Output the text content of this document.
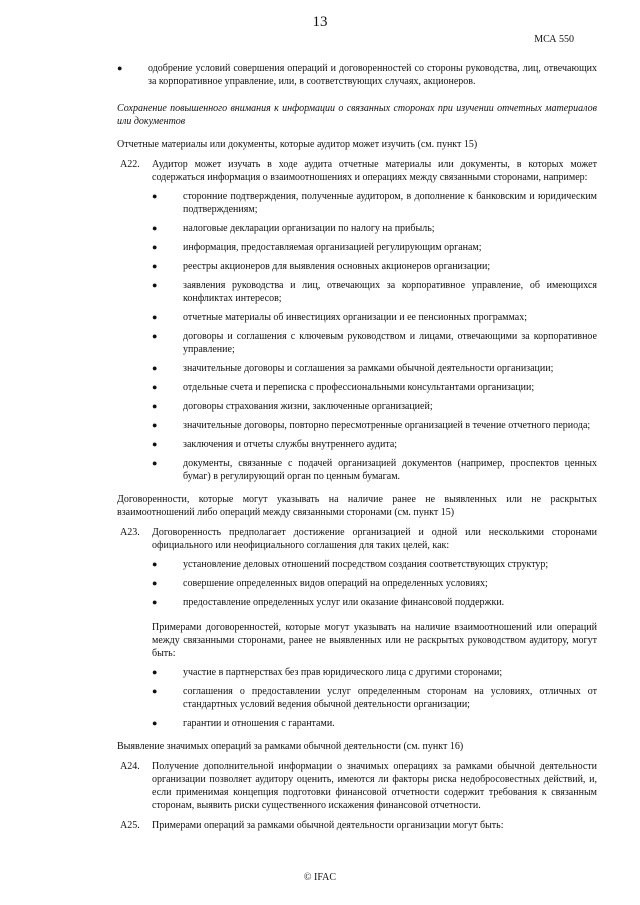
13
МСА 550
●	одобрение условий совершения операций и договоренностей со стороны руководства, лиц, отвечающих за корпоративное управление, или, в соответствующих случаях, акционеров.

Сохранение повышенного внимания к информации о связанных сторонах при изучении отчетных материалов или документов

Отчетные материалы или документы, которые аудитор может изучить (см. пункт 15)

А22.	Аудитор может изучать в ходе аудита отчетные материалы или документы, в которых может содержаться информация о взаимоотношениях и операциях между связанными сторонами, например:

●	сторонние подтверждения, полученные аудитором, в дополнение к банковским и юридическим подтверждениям;
●	налоговые декларации организации по налогу на прибыль;
●	информация, предоставляемая организацией регулирующим органам;
●	реестры акционеров для выявления основных акционеров организации;
●	заявления руководства и лиц, отвечающих за корпоративное управление, об имеющихся конфликтах интересов;
●	отчетные материалы об инвестициях организации и ее пенсионных программах;
●	договоры и соглашения с ключевым руководством и лицами, отвечающими за корпоративное управление;
●	значительные договоры и соглашения за рамками обычной деятельности организации;
●	отдельные счета и переписка с профессиональными консультантами организации;
●	договоры страхования жизни, заключенные организацией;
●	значительные договоры, повторно пересмотренные организацией в течение отчетного периода;
●	заключения и отчеты службы внутреннего аудита;
●	документы, связанные с подачей организацией документов (например, проспектов ценных бумаг) в регулирующий орган по ценным бумагам.

Договоренности, которые могут указывать на наличие ранее не выявленных или не раскрытых взаимоотношений либо операций между связанными сторонами (см. пункт 15)

А23.	Договоренность предполагает достижение организацией и одной или несколькими сторонами официального или неофициального соглашения для таких целей, как:

●	установление деловых отношений посредством создания соответствующих структур;
●	совершение определенных видов операций на определенных условиях;
●	предоставление определенных услуг или оказание финансовой поддержки.

Примерами договоренностей, которые могут указывать на наличие взаимоотношений или операций между связанными сторонами, ранее не выявленных или не раскрытых руководством аудитору, могут быть:

●	участие в партнерствах без прав юридического лица с другими сторонами;
●	соглашения о предоставлении услуг определенным сторонам на условиях, отличных от стандартных условий ведения обычной деятельности организации;
●	гарантии и отношения с гарантами.

Выявление значимых операций за рамками обычной деятельности (см. пункт 16)

А24.	Получение дополнительной информации о значимых операциях за рамками обычной деятельности организации позволяет аудитору оценить, имеются ли факторы риска недобросовестных действий, и, если применимая концепция подготовки финансовой отчетности содержит требования к связанным сторонам, выявить риски существенного искажения финансовой отчетности.

А25.	Примерами операций за рамками обычной деятельности организации могут быть:

© IFAC
